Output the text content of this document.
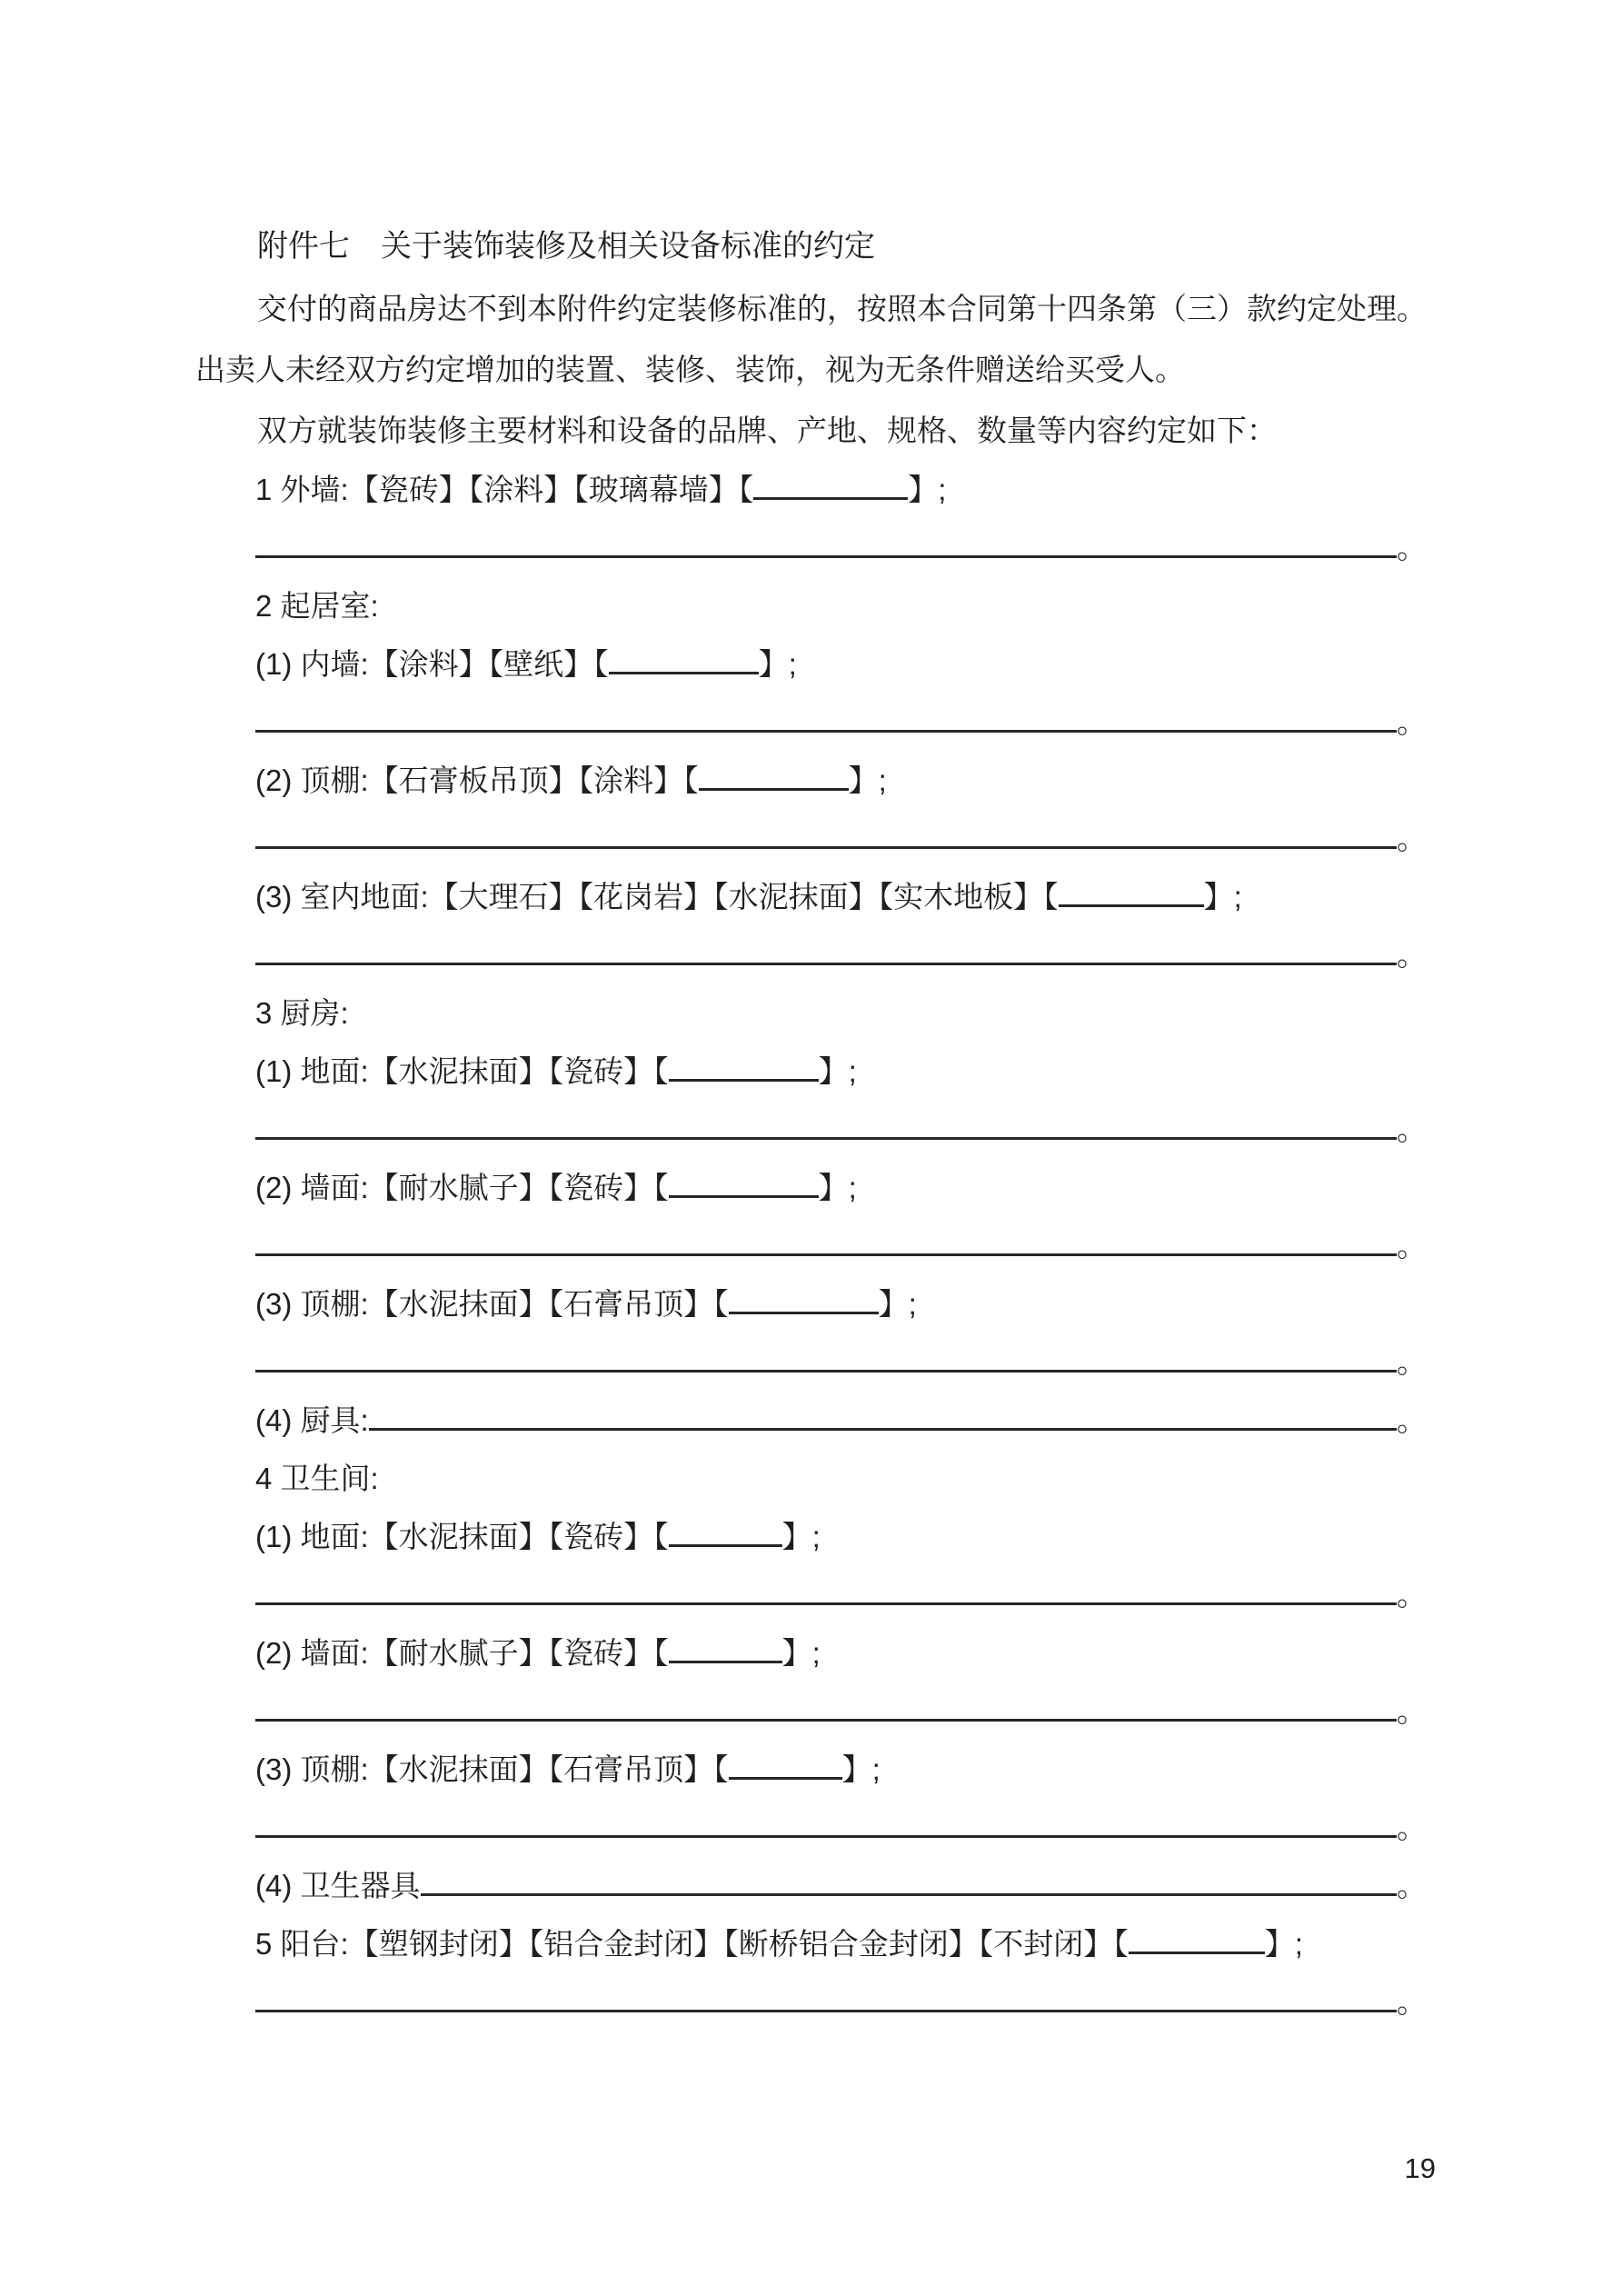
附件七　关于装饰装修及相关设备标准的约定
交付的商品房达不到本附件约定装修标准的，按照本合同第十四条第（三）款约定处理。
出卖人未经双方约定增加的装置、装修、装饰，视为无条件赠送给买受人。
双方就装饰装修主要材料和设备的品牌、产地、规格、数量等内容约定如下：
1 外墙:【瓷砖】【涂料】【玻璃幕墙】【	】;
。
2 起居室:
(1) 内墙:【涂料】【壁纸】【	】;
。
(2) 顶棚:【石膏板吊顶】【涂料】【	】;
。
(3) 室内地面:【大理石】【花岗岩】【水泥抹面】【实木地板】【	】;
。
3 厨房:
(1) 地面:【水泥抹面】【瓷砖】【	】;
。
(2) 墙面:【耐水腻子】【瓷砖】【	】;
。
(3) 顶棚:【水泥抹面】【石膏吊顶】【	】;
。
(4) 厨具:	。
4 卫生间:
(1) 地面:【水泥抹面】【瓷砖】【	】;
。
(2) 墙面:【耐水腻子】【瓷砖】【	】;
。
(3) 顶棚:【水泥抹面】【石膏吊顶】【	】;
。
(4) 卫生器具	。
5 阳台:【塑钢封闭】【铝合金封闭】【断桥铝合金封闭】【不封闭】【	】;
。
19
